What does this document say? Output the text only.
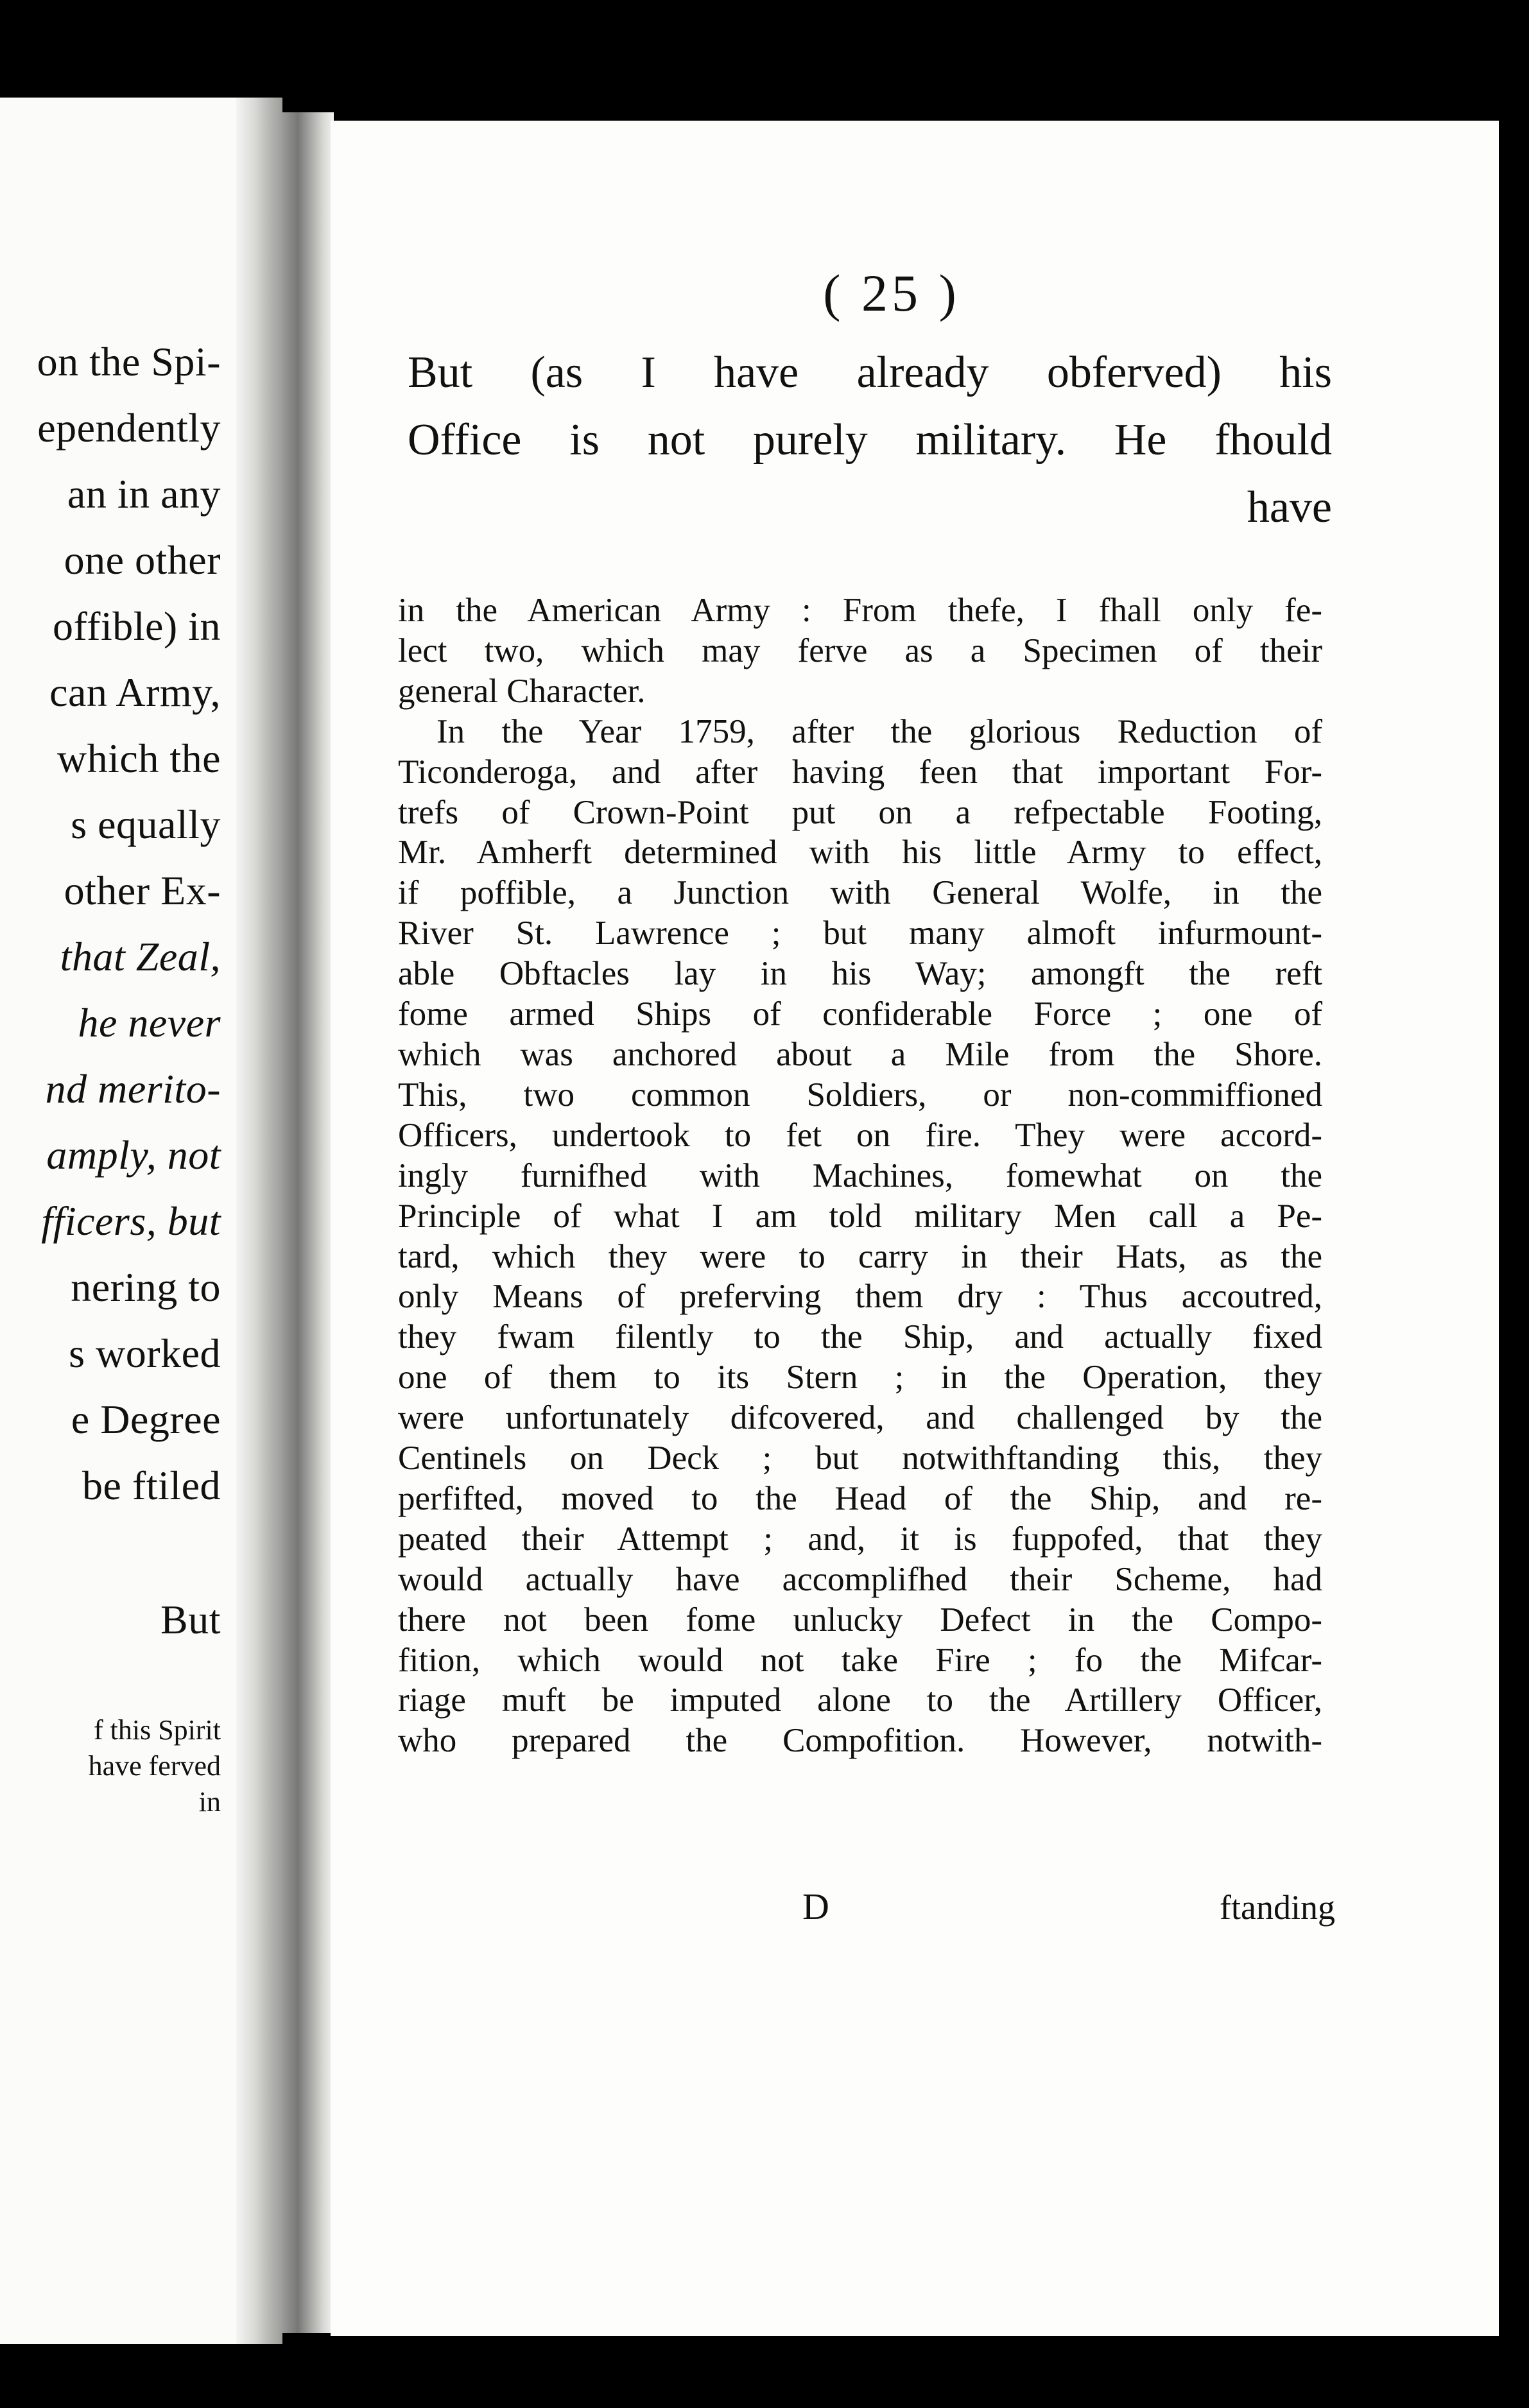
on the Spi-
ependently
an in any
one other
offible) in
can Army,
which the
s equally
other Ex-
that Zeal,
he never
nd merito-
amply, not
fficers, but
nering to
s worked
e Degree
be ftiled
But
f this Spirit
have ferved
in
( 25 )
But (as I have already obferved) his
Office is not purely military. He fhould
have
in the American Army : From thefe, I fhall only fe-
lect two, which may ferve as a Specimen of their
general Character.
In the Year 1759, after the glorious Reduction of
Ticonderoga, and after having feen that important For-
trefs of Crown-Point put on a refpectable Footing,
Mr. Amherft determined with his little Army to effect,
if poffible, a Junction with General Wolfe, in the
River St. Lawrence ; but many almoft infurmount-
able Obftacles lay in his Way; amongft the reft
fome armed Ships of confiderable Force ; one of
which was anchored about a Mile from the Shore.
This, two common Soldiers, or non-commiffioned
Officers, undertook to fet on fire. They were accord-
ingly furnifhed with Machines, fomewhat on the
Principle of what I am told military Men call a Pe-
tard, which they were to carry in their Hats, as the
only Means of preferving them dry : Thus accoutred,
they fwam filently to the Ship, and actually fixed
one of them to its Stern ; in the Operation, they
were unfortunately difcovered, and challenged by the
Centinels on Deck ; but notwithftanding this, they
perfifted, moved to the Head of the Ship, and re-
peated their Attempt ; and, it is fuppofed, that they
would actually have accomplifhed their Scheme, had
there not been fome unlucky Defect in the Compo-
fition, which would not take Fire ; fo the Mifcar-
riage muft be imputed alone to the Artillery Officer,
who prepared the Compofition. However, notwith-
D	ftanding
